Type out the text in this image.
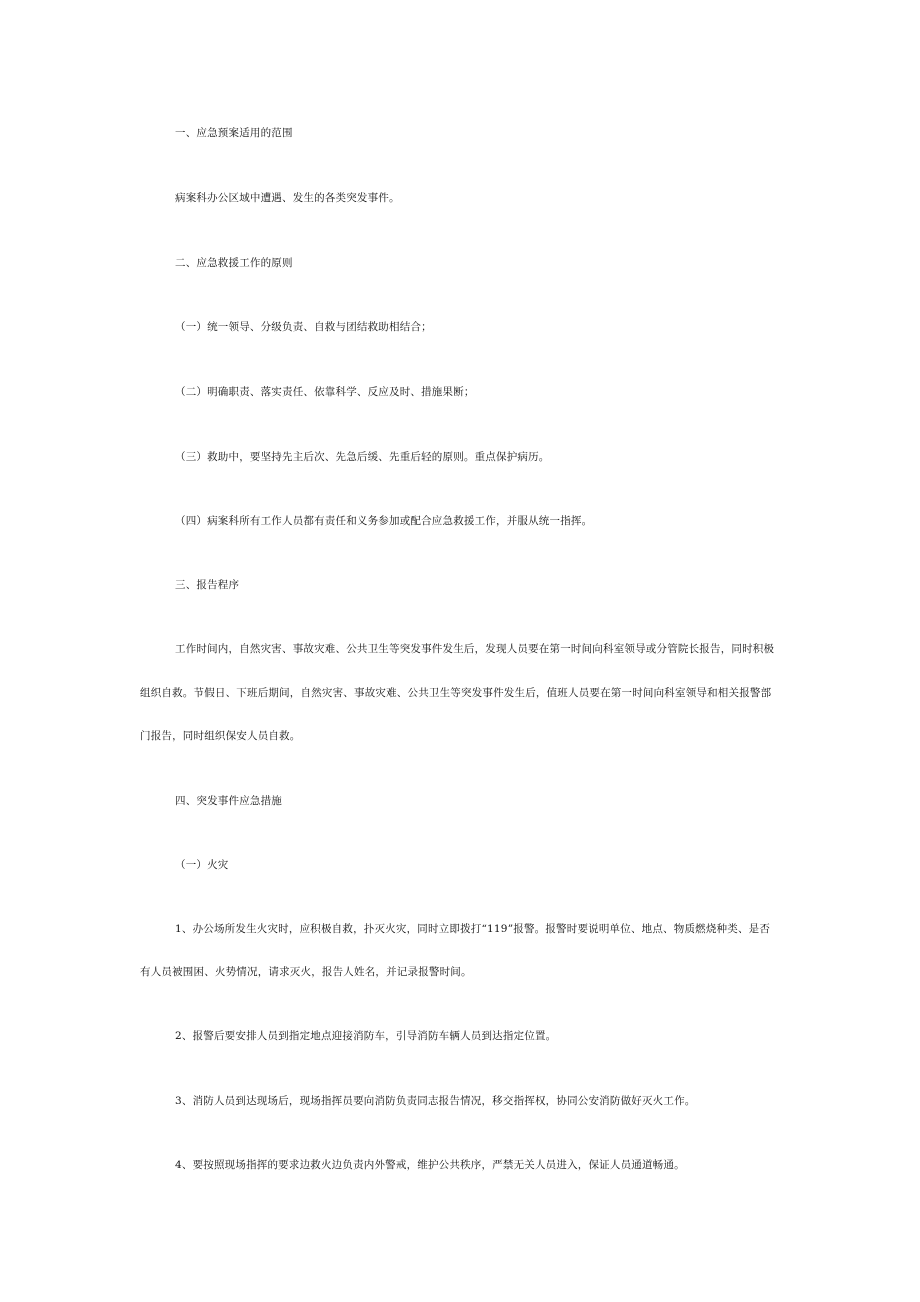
一、应急预案适用的范围
病案科办公区域中遭遇、发生的各类突发事件。
二、应急救援工作的原则
（一）统一领导、分级负责、自救与团结救助相结合；
（二）明确职责、落实责任、依靠科学、反应及时、措施果断；
（三）救助中，要坚持先主后次、先急后缓、先重后轻的原则。重点保护病历。
（四）病案科所有工作人员都有责任和义务参加或配合应急救援工作，并服从统一指挥。
三、报告程序
工作时间内，自然灾害、事故灾难、公共卫生等突发事件发生后，发现人员要在第一时间向科室领导或分管院长报告，同时积极
组织自救。节假日、下班后期间，自然灾害、事故灾难、公共卫生等突发事件发生后，值班人员要在第一时间向科室领导和相关报警部
门报告，同时组织保安人员自救。
四、突发事件应急措施
（一）火灾
1、办公场所发生火灾时，应积极自救，扑灭火灾，同时立即拨打“119”报警。报警时要说明单位、地点、物质燃烧种类、是否
有人员被围困、火势情况，请求灭火，报告人姓名，并记录报警时间。
2、报警后要安排人员到指定地点迎接消防车，引导消防车辆人员到达指定位置。
3、消防人员到达现场后，现场指挥员要向消防负责同志报告情况，移交指挥权，协同公安消防做好灭火工作。
4、要按照现场指挥的要求边救火边负责内外警戒，维护公共秩序，严禁无关人员进入，保证人员通道畅通。
